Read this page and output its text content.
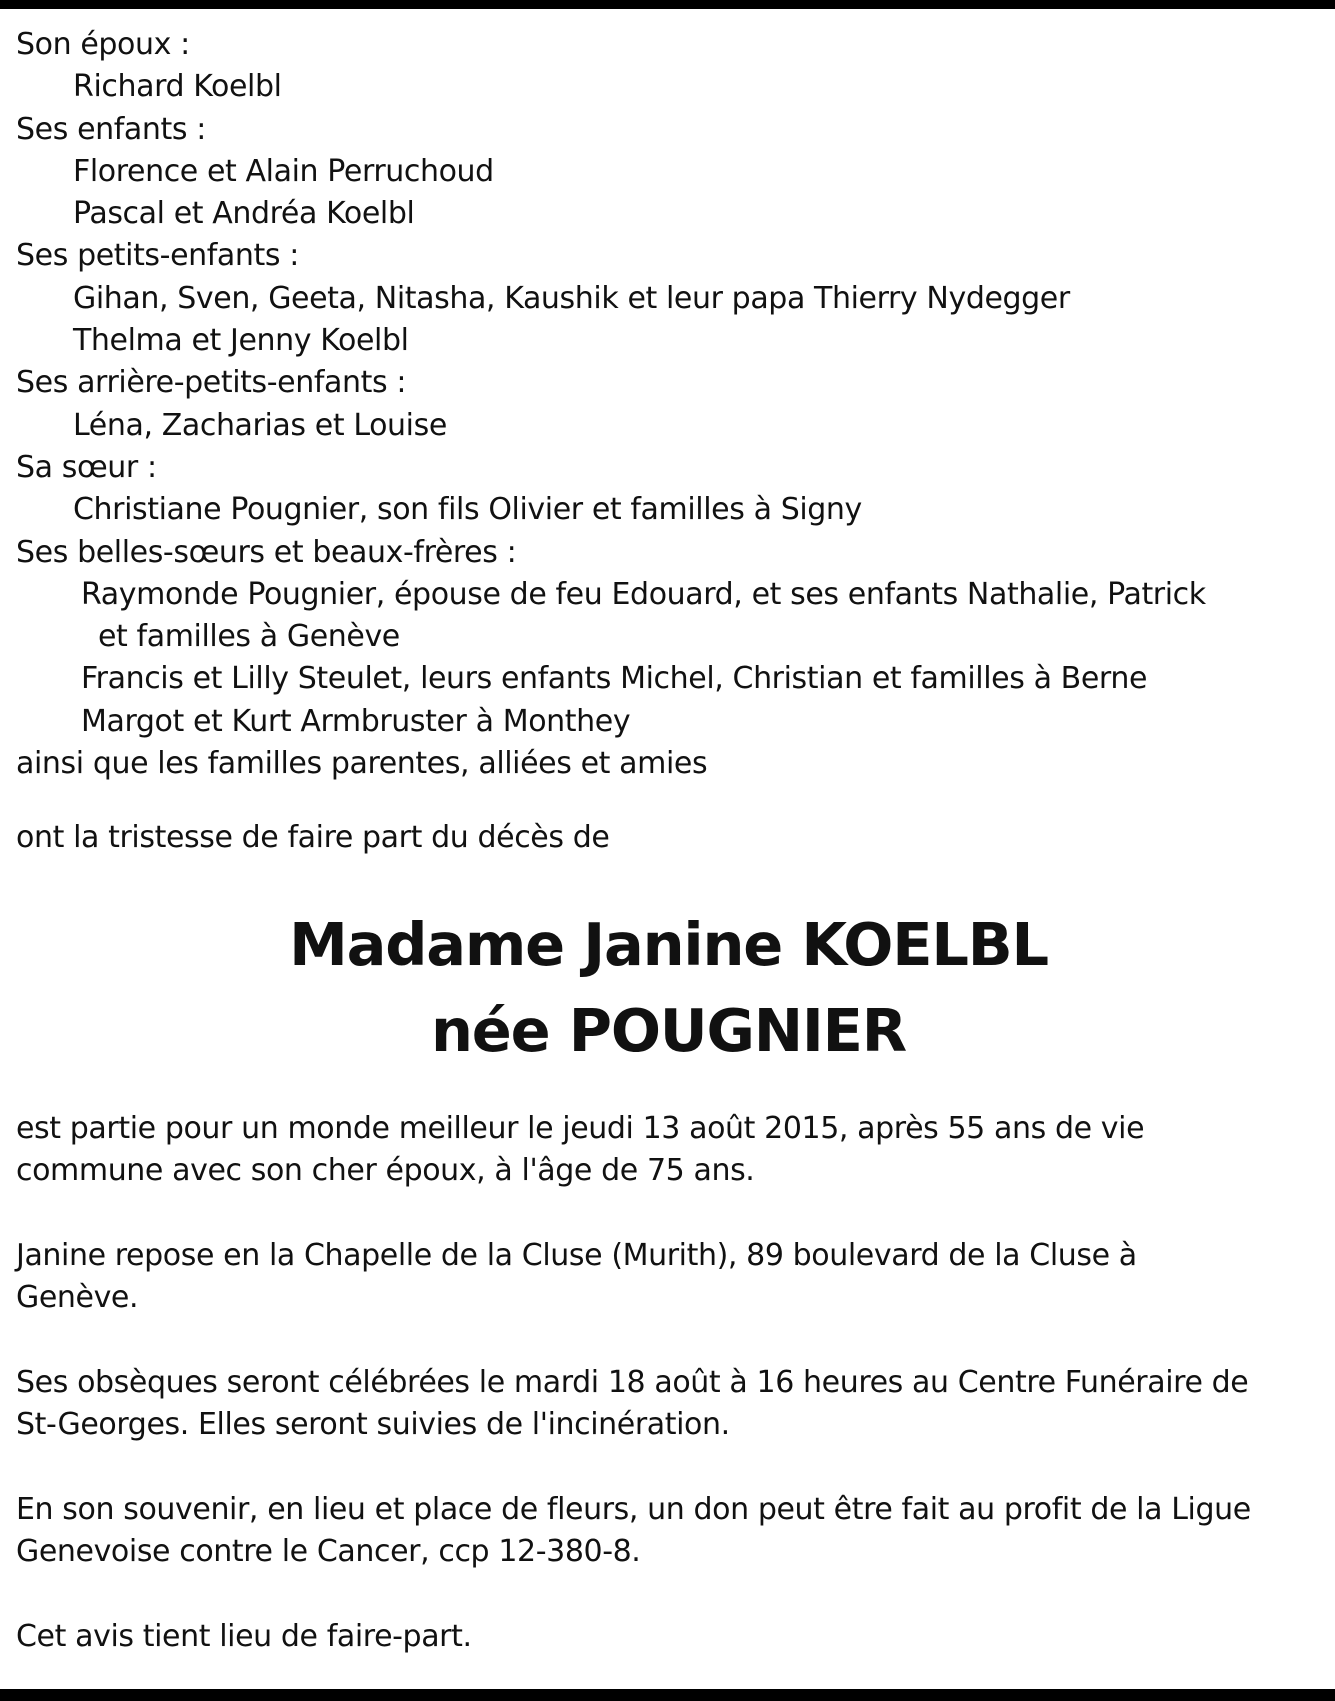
Son époux :
Richard Koelbl
Ses enfants :
Florence et Alain Perruchoud
Pascal et Andréa Koelbl
Ses petits-enfants :
Gihan, Sven, Geeta, Nitasha, Kaushik et leur papa Thierry Nydegger
Thelma et Jenny Koelbl
Ses arrière-petits-enfants :
Léna, Zacharias et Louise
Sa sœur :
Christiane Pougnier, son fils Olivier et familles à Signy
Ses belles-sœurs et beaux-frères :
Raymonde Pougnier, épouse de feu Edouard, et ses enfants Nathalie, Patrick
et familles à Genève
Francis et Lilly Steulet, leurs enfants Michel, Christian et familles à Berne
Margot et Kurt Armbruster à Monthey
ainsi que les familles parentes, alliées et amies
ont la tristesse de faire part du décès de
Madame Janine KOELBL
née POUGNIER
est partie pour un monde meilleur le jeudi 13 août 2015, après 55 ans de vie
commune avec son cher époux, à l'âge de 75 ans.
Janine repose en la Chapelle de la Cluse (Murith), 89 boulevard de la Cluse à
Genève.
Ses obsèques seront célébrées le mardi 18 août à 16 heures au Centre Funéraire de
St-Georges. Elles seront suivies de l'incinération.
En son souvenir, en lieu et place de fleurs, un don peut être fait au profit de la Ligue
Genevoise contre le Cancer, ccp 12-380-8.
Cet avis tient lieu de faire-part.
